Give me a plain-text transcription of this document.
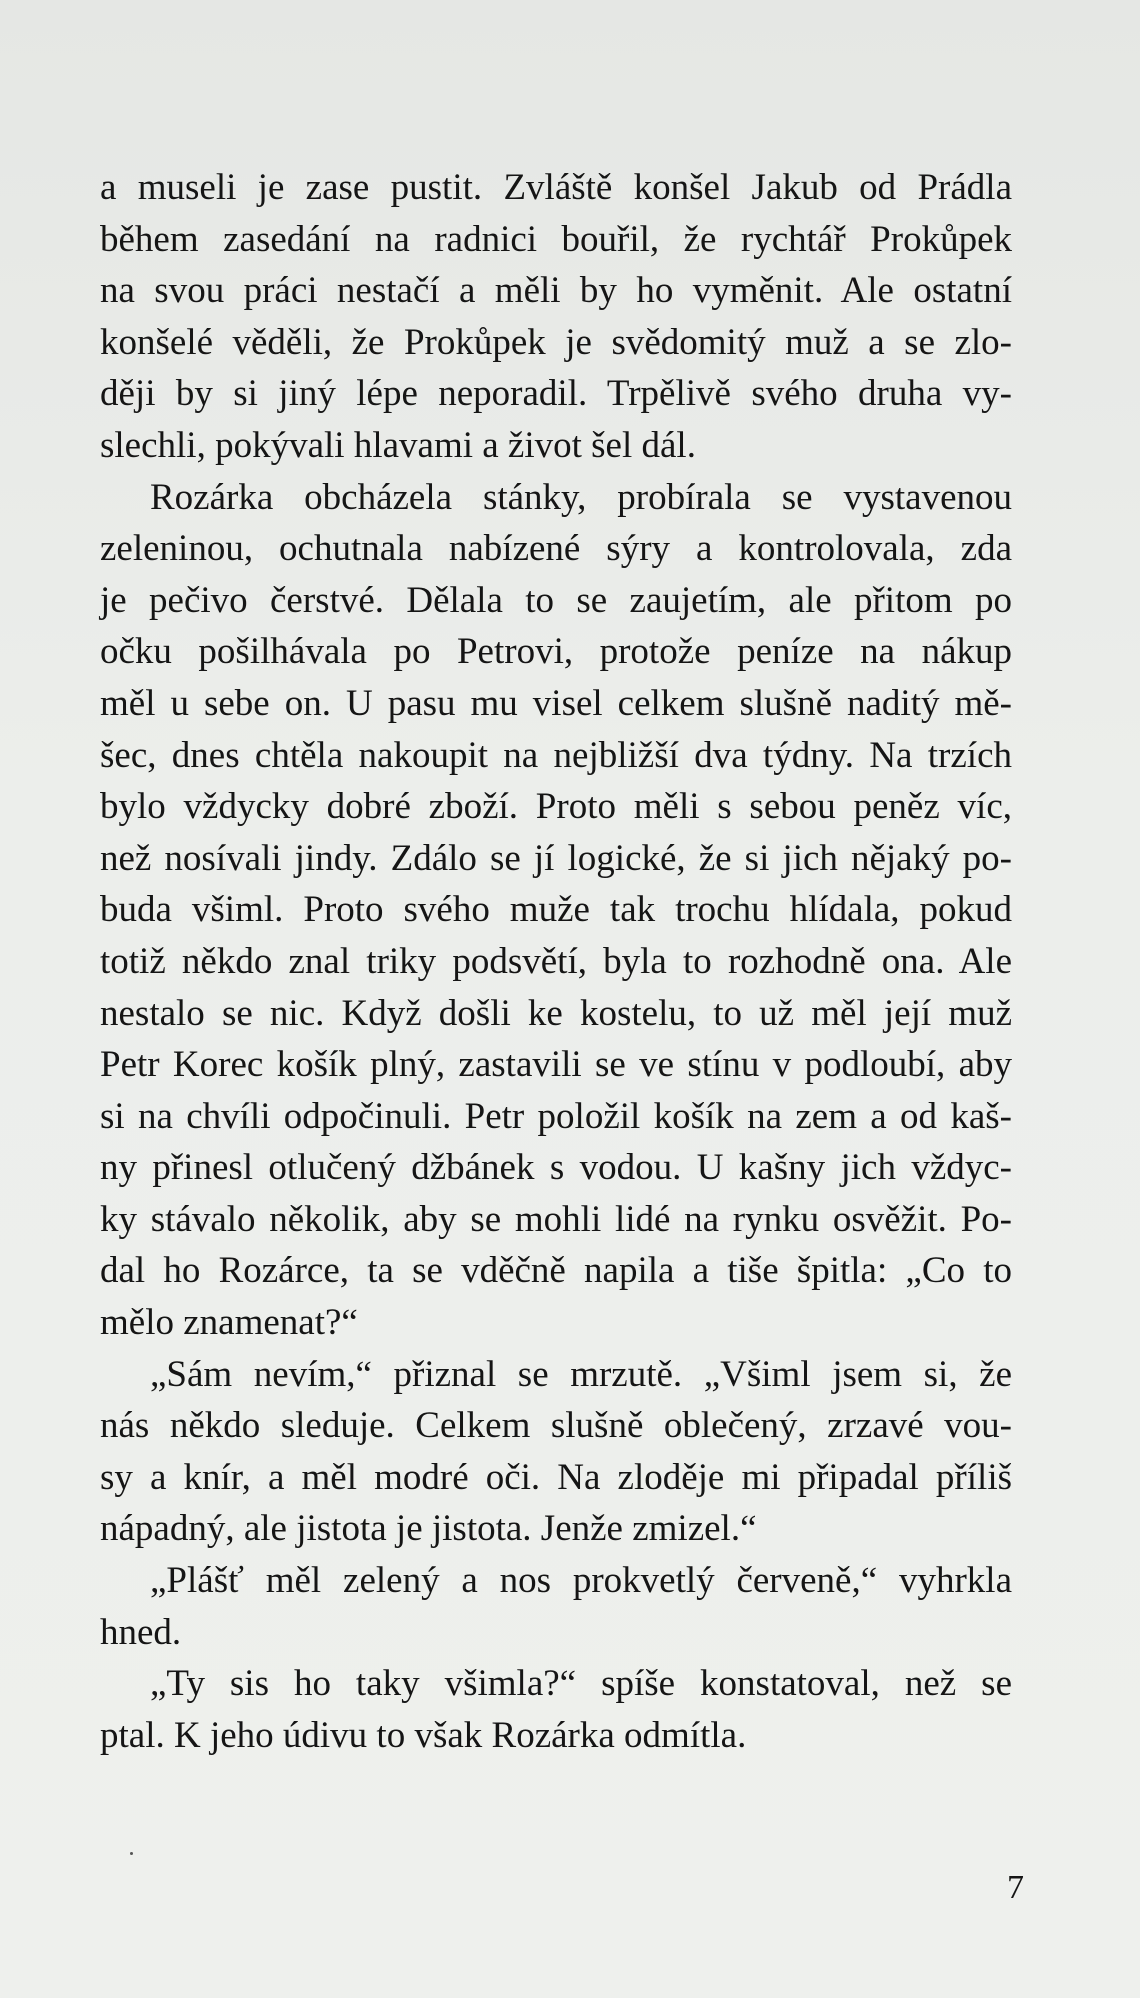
a museli je zase pustit. Zvláště konšel Jakub od Prádla

během zasedání na radnici bouřil, že rychtář Prokůpek

na svou práci nestačí a měli by ho vyměnit. Ale ostatní

konšelé věděli, že Prokůpek je svědomitý muž a se zlo-

ději by si jiný lépe neporadil. Trpělivě svého druha vy-

slechli, pokývali hlavami a život šel dál.

Rozárka obcházela stánky, probírala se vystavenou

zeleninou, ochutnala nabízené sýry a kontrolovala, zda

je pečivo čerstvé. Dělala to se zaujetím, ale přitom po

očku pošilhávala po Petrovi, protože peníze na nákup

měl u sebe on. U pasu mu visel celkem slušně naditý mě-

šec, dnes chtěla nakoupit na nejbližší dva týdny. Na trzích

bylo vždycky dobré zboží. Proto měli s sebou peněz víc,

než nosívali jindy. Zdálo se jí logické, že si jich nějaký po-

buda všiml. Proto svého muže tak trochu hlídala, pokud

totiž někdo znal triky podsvětí, byla to rozhodně ona. Ale

nestalo se nic. Když došli ke kostelu, to už měl její muž

Petr Korec košík plný, zastavili se ve stínu v podloubí, aby

si na chvíli odpočinuli. Petr položil košík na zem a od kaš-

ny přinesl otlučený džbánek s vodou. U kašny jich vždyc-

ky stávalo několik, aby se mohli lidé na rynku osvěžit. Po-

dal ho Rozárce, ta se vděčně napila a tiše špitla: „Co to

mělo znamenat?“

„Sám nevím,“ přiznal se mrzutě. „Všiml jsem si, že

nás někdo sleduje. Celkem slušně oblečený, zrzavé vou-

sy a knír, a měl modré oči. Na zloděje mi připadal příliš

nápadný, ale jistota je jistota. Jenže zmizel.“

„Plášť měl zelený a nos prokvetlý červeně,“ vyhrkla

hned.

„Ty sis ho taky všimla?“ spíše konstatoval, než se

ptal. K jeho údivu to však Rozárka odmítla.

7
